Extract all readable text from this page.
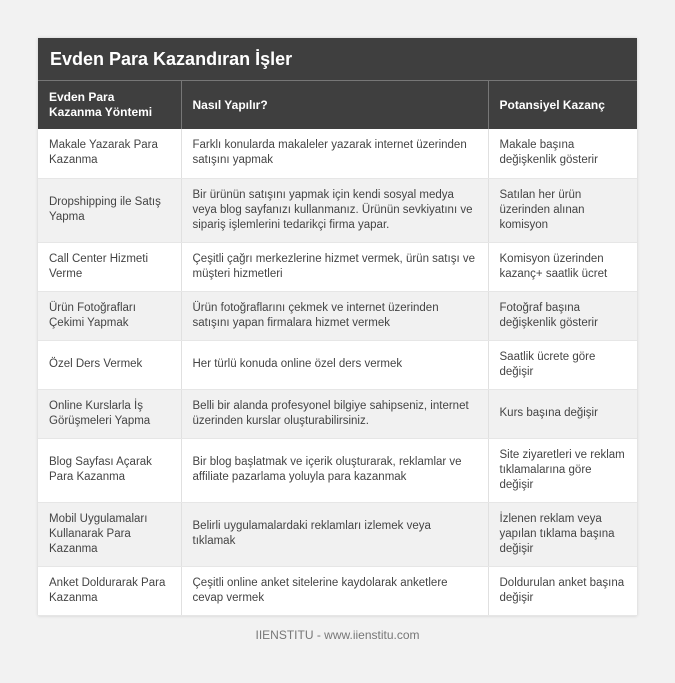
Evden Para Kazandıran İşler
Evden Para Kazanma Yöntemi	Nasıl Yapılır?	Potansiyel Kazanç
Makale Yazarak Para Kazanma	Farklı konularda makaleler yazarak internet üzerinden satışını yapmak	Makale başına değişkenlik gösterir
Dropshipping ile Satış Yapma	Bir ürünün satışını yapmak için kendi sosyal medya veya blog sayfanızı kullanmanız. Ürünün sevkiyatını ve sipariş işlemlerini tedarikçi firma yapar.	Satılan her ürün üzerinden alınan komisyon
Call Center Hizmeti Verme	Çeşitli çağrı merkezlerine hizmet vermek, ürün satışı ve müşteri hizmetleri	Komisyon üzerinden kazanç+ saatlik ücret
Ürün Fotoğrafları Çekimi Yapmak	Ürün fotoğraflarını çekmek ve internet üzerinden satışını yapan firmalara hizmet vermek	Fotoğraf başına değişkenlik gösterir
Özel Ders Vermek	Her türlü konuda online özel ders vermek	Saatlik ücrete göre değişir
Online Kurslarla İş Görüşmeleri Yapma	Belli bir alanda profesyonel bilgiye sahipseniz, internet üzerinden kurslar oluşturabilirsiniz.	Kurs başına değişir
Blog Sayfası Açarak Para Kazanma	Bir blog başlatmak ve içerik oluşturarak, reklamlar ve affiliate pazarlama yoluyla para kazanmak	Site ziyaretleri ve reklam tıklamalarına göre değişir
Mobil Uygulamaları Kullanarak Para Kazanma	Belirli uygulamalardaki reklamları izlemek veya tıklamak	İzlenen reklam veya yapılan tıklama başına değişir
Anket Doldurarak Para Kazanma	Çeşitli online anket sitelerine kaydolarak anketlere cevap vermek	Doldurulan anket başına değişir
IIENSTITU - www.iienstitu.com
